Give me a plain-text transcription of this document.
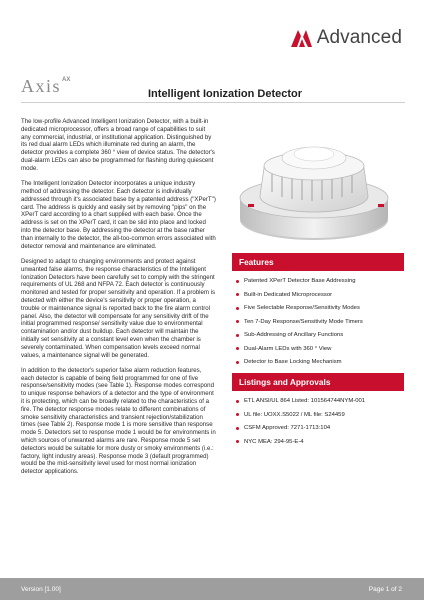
Advanced
Axis AX
Intelligent Ionization Detector

The low-profile Advanced Intelligent Ionization Detector, with a built-in dedicated microprocessor, offers a broad range of capabilities to suit any commercial, industrial, or institutional application. Distinguished by its red dual alarm LEDs which illuminate red during an alarm, the detector provides a complete 360 ° view of device status. The detector's dual-alarm LEDs can also be programmed for flashing during quiescent mode.

The Intelligent Ionization Detector incorporates a unique industry method of addressing the detector. Each detector is individually addressed through it's associated base by a patented address ("XPerT") card. The address is quickly and easily set by removing "pips" on the XPerT card according to a chart supplied with each base. Once the address is set on the XPerT card, it can be slid into place and locked into the detector base. By addressing the detector at the base rather than internally to the detector, the all-too-common errors associated with detector removal and maintenance are eliminated.

Designed to adapt to changing environments and protect against unwanted false alarms, the response characteristics of the Intelligent Ionization Detectors have been carefully set to comply with the stringent requirements of UL 268 and NFPA 72. Each detector is continuously monitored and tested for proper sensitivity and operation. If a problem is detected with either the device's sensitivity or proper operation, a trouble or maintenance signal is reported back to the fire alarm control panel. Also, the detector will compensate for any sensitivity drift of the initial programmed response/ sensitivity value due to environmental contamination and/or dust buildup. Each detector will maintain the initially set sensitivity at a constant level even when the chamber is severely contaminated. When compensation levels exceed normal values, a maintenance signal will be generated.

In addition to the detector's superior false alarm reduction features, each detector is capable of being field programmed for one of five response/sensitivity modes (see Table 1). Response modes correspond to unique response behaviors of a detector and the type of environment it is protecting, which can be broadly related to the characteristics of a fire. The detector response modes relate to different combinations of smoke sensitivity characteristics and transient rejection/stabilization times (see Table 2). Response mode 1 is more sensitive than response mode 5. Detectors set to response mode 1 would be for environments in which sources of unwanted alarms are rare. Response mode 5 set detectors would be suitable for more dusty or smoky environments (i.e.: factory, light industry areas). Response mode 3 (default programmed) would be the mid-sensitivity level used for most normal ionization detector applications.

Features
Patented XPerT Detector Base Addressing
Built-in Dedicated Microprocessor
Five Selectable Response/Sensitivity Modes
Ten 7-Day Response/Sensitivity Mode Timers
Sub-Addressing of Ancillary Functions
Dual-Alarm LEDs with 360 ° View
Detector to Base Locking Mechanism
Listings and Approvals
ETL ANSI/UL 864 Listed: 101564744NYM-001
UL file: UOXX.S5022 / ML file: S24459
CSFM Approved: 7271-1713:104
NYC MEA: 294-95-E-4
Version [1.00]	Page 1 of 2
